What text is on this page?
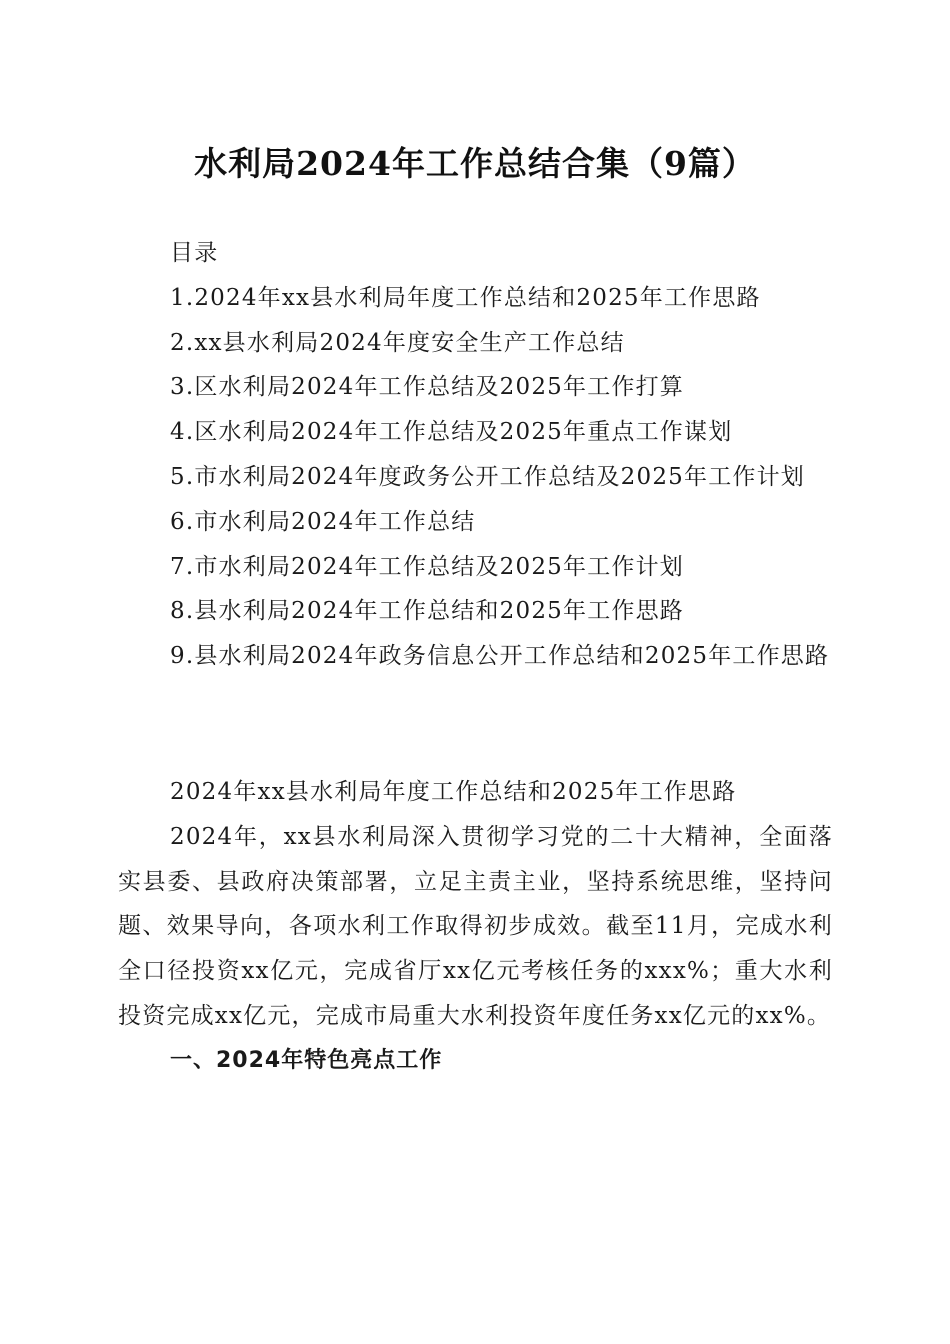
水利局2024年工作总结合集（9篇）

目录

1.2024年xx县水利局年度工作总结和2025年工作思路

2.xx县水利局2024年度安全生产工作总结

3.区水利局2024年工作总结及2025年工作打算

4.区水利局2024年工作总结及2025年重点工作谋划

5.市水利局2024年度政务公开工作总结及2025年工作计划

6.市水利局2024年工作总结

7.市水利局2024年工作总结及2025年工作计划

8.县水利局2024年工作总结和2025年工作思路

9.县水利局2024年政务信息公开工作总结和2025年工作思路

2024年xx县水利局年度工作总结和2025年工作思路

2024年，xx县水利局深入贯彻学习党的二十大精神，全面落实县委、县政府决策部署，立足主责主业，坚持系统思维，坚持问题、效果导向，各项水利工作取得初步成效。截至11月，完成水利全口径投资xx亿元，完成省厅xx亿元考核任务的xxx%；重大水利投资完成xx亿元，完成市局重大水利投资年度任务xx亿元的xx%。

一、2024年特色亮点工作
